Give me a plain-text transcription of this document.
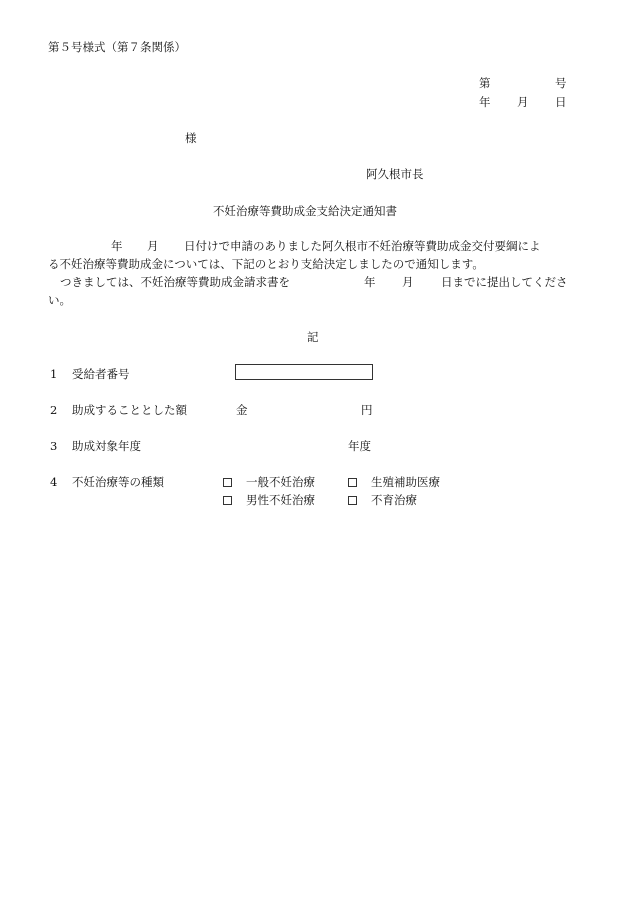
第５号様式（第７条関係）
第	号
年 月 日
様
阿久根市長
不妊治療等費助成金支給決定通知書
年 月 日付けで申請のありました阿久根市不妊治療等費助成金交付要綱によ
る不妊治療等費助成金については、下記のとおり支給決定しましたので通知します。
つきましては、不妊治療等費助成金請求書を	年 月 日までに提出してくださ
い。
記
1 受給者番号
2 助成することとした額	金	円
3 助成対象年度	年度
4 不妊治療等の種類	一般不妊治療	生殖補助医療
男性不妊治療	不育治療
